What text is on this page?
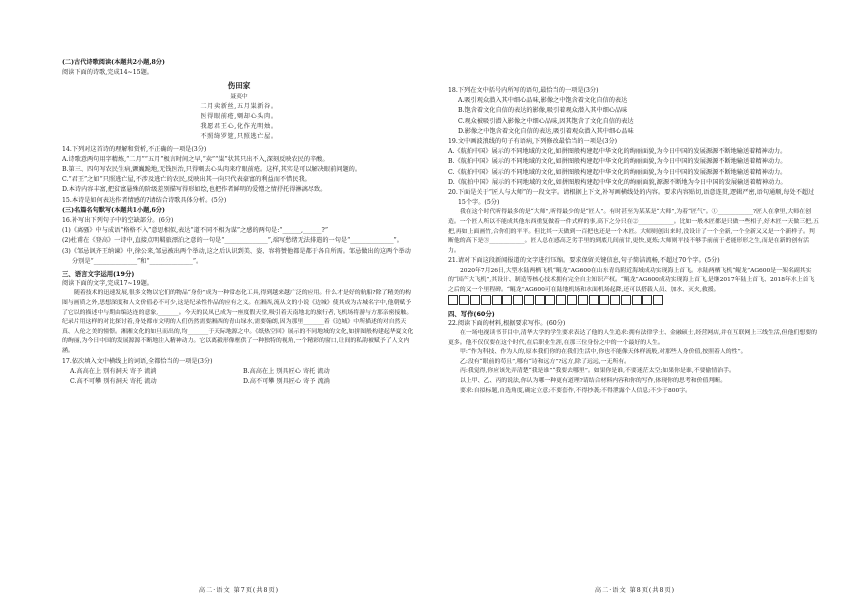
(二)古代诗歌阅读(本题共2小题,8分)

阅读下面的诗歌,完成14~15题。

伤田家

聂夷中

二月卖新丝,五月粜新谷。

医得眼前疮,剜却心头肉。

我愿君王心,化作光明烛。

不照绮罗筵,只照逃亡屋。

14.下列对这首诗的理解和赏析,不正确的一项是(3分)

A.诗歌意两句用字精炼,“二月”“五月”极言时间之早,“卖”“粜”状其只出不入,深刻反映农民的辛酸。

B.第三、四句写农民生病,颤巍跪地,无钱医治,只得剜去心头肉来疗眼前疮。这样,其实是可以解决眼前问题的。

C.“君王”之如“只照逃亡屋,不涉及逃亡的农民,反映出其一向只代表豪富的利益而不惜民我。

D.本诗内容丰富,把贫富悬殊的阶级差别描写得形如绘,也把作者鲜明的爱憎之情抒托得淋漓尽致。

15.本诗是如何表达作者情感的?请结合诗歌具体分析。(5分)

(三)名篇名句默写(本题共1小题,6分)

16.补写出下列句子中的空缺部分。(6分)

(1)《离骚》中与成语“格格不入”意思相似,表达“道不同不相为谋”之感的两句是:“______,______?”

(2)杜甫在《登高》一诗中,直接点明羁旅漂泊之意的一句是“______________”,端写愁绪无法排遣的一句是“______________”。

(3)《邹忌讽齐王纳谏》中,徐公来,邹忌被出两个举动,这之后认识到美、姿、容将赞他都是都于各自所需。邹忌做出的这两个举动分别是“______________”和“______________”。

三、语言文字运用(19分)

阅读下面的文字,完成17~19题。

随着技术的迅速发展,很多文物以它们的物品“身份”成为一种常态化工具,得到越来越广泛的应用。什么才是好的航船?除了精美的构图与画质之外,思想深度和人文价值必不可少,这是纪录性作品的应有之义。在湘西,流从文的小说《边城》使其成为古城名字中,他朝赋予了它以的描述中与期由编达连的意象,_______。今天的民凤已成为一座度假天堂,吸引着天南地北的旅行者,飞机场将游与方那亲密接触。纪录片用这样的对比探讨着,身处都市文明的人们仍然需要湘西的青山绿水,需要翰朗,因为那里_______着《边城》中所描述的对自然天真、人伦之美的憧憬。湘湘文化的如旦而出的,均_______于天际地源之中。《纸热空回》展示的不同地域的文化,如拼图般构建起华夏文化的绚丽,为今日中国的发展源源不断地注入精神动力。它以离毅形像框供了一种独特的视角,一个精彩的窗口,让间的私韵被赋予了人文内涵。

17.依次填入文中横线上的词语,全都恰当的一项是(3分)

A.高高在上 别有洞天 寄予 流淌	B.高高在上 别具匠心 寄托 流动
C.高不可攀 别有洞天 寄托 流动	D.高不可攀 别具匠心 寄予 流淌
高二·语文 第7页(共8页)

18.下列在文中括号内所写的语句,最恰当的一项是(3分)

A.吸引观众潜入其中细心品味,影像之中饱含着文化自信的表达

B.饱含着文化自信的表达的影像,吸引着观众潜入其中细心品味

C.观众被吸引潜入影像之中细心品味,因其饱含了文化自信的表达

D.影像之中饱含着文化自信的表达,吸引着观众潜入其中细心品味

19.文中画波浪线的句子有语病,下列修改最恰当的一项是(3分)

A.《航拍中国》展示的不同地域的文化,如拼图般构建起中华文化的绚丽面貌,为今日中国的发展源源不断地输送着精神动力。

B.《航拍中国》展示的不同地域的文化,如拼图般构建起中华文化的绚丽面貌,为今日中国的发展源源不断地输送着精神动力。

C.《航拍中国》展示的不同地域的文化,如拼图般构建起中华文化的绚丽面貌,为今日中国的发展源源不断地输送着精神动力。

D.《航拍中国》展示的不同地域的文化,如拼图般构建起中华文化的绚丽面貌,源源不断地为今日中国的发展输送着精神动力。

20.下面是关于“匠人与大师”的一段文字。请根据上下文,补写画横线处的内容。要求内容贴切,语意连贯,逻辑严密,语句通顺,每处不超过15个字。(5分)

我在这个时代听得最多的是“大师”,听得最少的是“匠人”。有时甚至为某某是“大师”,为着“匠气”。①____________?匠人在拿里,大师在创造。一个匠人所以不能成其他东西重复做着一件式样的事,高下之分只在②____________。比如一般木匠都是只做一些相子,好木匠一天做三把,五把,再如上面画竹,合你们的平平。但比其一天做到一百把也还是一个木匠。大师则创出来时,没设计了一个全新,一个全新又又是一个新样子。判断他的高下是③____________。匠人总在感高乏劣手里的到底几间前甘,更快,更炼;大师则平技不够手前前于老能形形之生,而是在新的创有活力。

21.请对下面这段新闻报道的文字进行压缩。要求保留关键信息,句子简洁流畅,不超过70个字。(5分)

2020年7月26日,大型水陆两栖飞机“鲲龙”AG600在山东青岛附近海域成功实现海上首飞。水陆两栖飞机“鲲龙”AG600是一架名副其实的“国产大飞机”,其设计、制造等核心技术拥有完全自主知识产权。“鲲龙”AG600成功实现海上首飞,是继2017年陆上首飞、2018年水上首飞之后的又一个里程碑。“鲲龙”AG600可在陆地机场和水面机场起降,还可以搭载人员、加水、灭火,救援。

四、写作(60分)

22.阅读下面的材料,根据要求写作。(60分)

在一场电视读书节目中,清华大学的学生要求表达了他的人生追求:拥有法律学士、金融硕士,经营网店,并在互联网上三线生活,但他们想要的更多。他不仅仅要在这个时代,在后职业生涯,在那三位身份之中的一个最好的人生。

甲:“作为科技、作为人的,原本我们你的在我们生活中,你也不能像天体样流般,对那些人身价值,按照着人的性”。

乙:没有“眼前的苟且”,哪有“诗和远方”?远方,除了远远,一无所有。

丙:我觉得,你应该先弄清楚“我是谁”“我要去哪里”。如果你是谁,不要迷茫太空;如果你是谁,不要偷情治手。

以上甲、乙、丙的说法,你认为哪一种更有道理?请结合材料内容和你的写作,体现你的思考和价值判断。

要求:自拟标题,自选角度,确定立意;不要套作,不得抄袭;不得泄露个人信息;不少于800字。

高二·语文 第8页(共8页)
